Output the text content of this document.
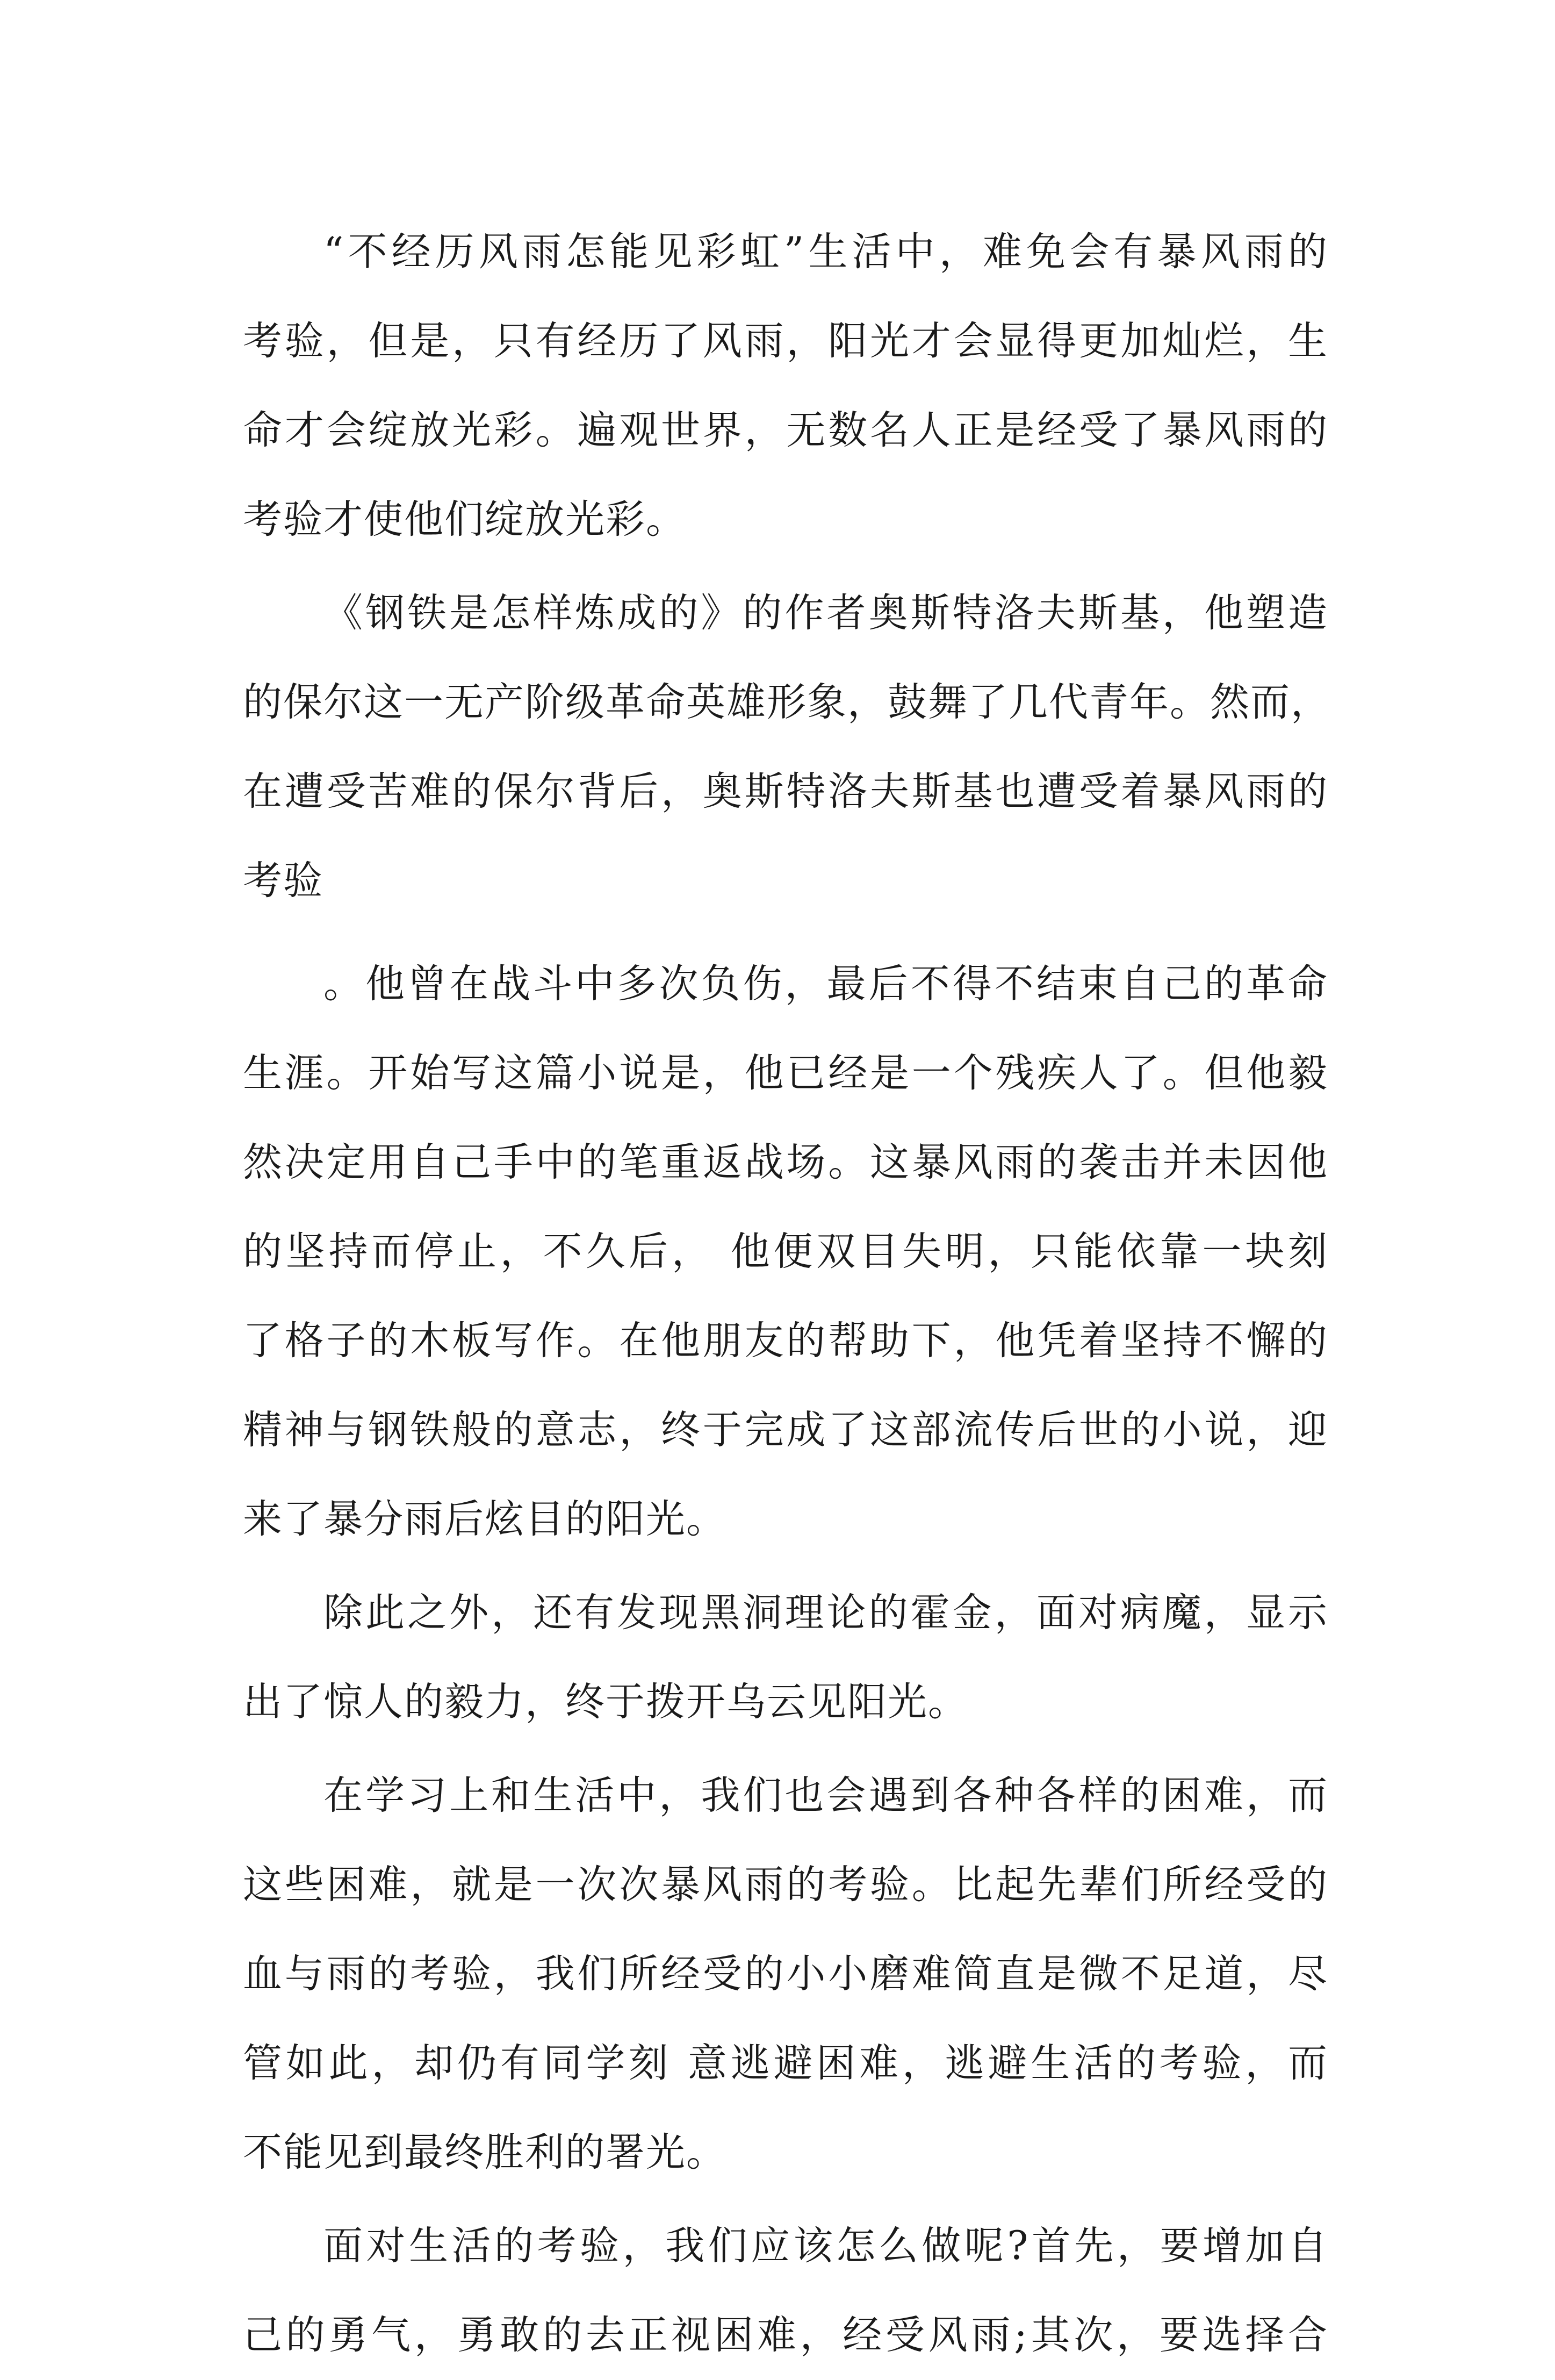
“不经历风雨怎能见彩虹”生活中，难免会有暴风雨的
考验，但是，只有经历了风雨，阳光才会显得更加灿烂，生
命才会绽放光彩。遍观世界，无数名人正是经受了暴风雨的
考验才使他们绽放光彩。
《钢铁是怎样炼成的》的作者奥斯特洛夫斯基，他塑造
的保尔这一无产阶级革命英雄形象，鼓舞了几代青年。然而，
在遭受苦难的保尔背后，奥斯特洛夫斯基也遭受着暴风雨的
考验
。他曾在战斗中多次负伤，最后不得不结束自己的革命
生涯。开始写这篇小说是，他已经是一个残疾人了。但他毅
然决定用自己手中的笔重返战场。这暴风雨的袭击并未因他
的坚持而停止，不久后， 他便双目失明，只能依靠一块刻
了格子的木板写作。在他朋友的帮助下，他凭着坚持不懈的
精神与钢铁般的意志，终于完成了这部流传后世的小说，迎
来了暴分雨后炫目的阳光。
除此之外，还有发现黑洞理论的霍金，面对病魔，显示
出了惊人的毅力，终于拨开乌云见阳光。
在学习上和生活中，我们也会遇到各种各样的困难，而
这些困难，就是一次次暴风雨的考验。比起先辈们所经受的
血与雨的考验，我们所经受的小小磨难简直是微不足道，尽
管如此，却仍有同学刻 意逃避困难，逃避生活的考验，而
不能见到最终胜利的署光。
面对生活的考验，我们应该怎么做呢?首先，要增加自
己的勇气，勇敢的去正视困难，经受风雨;其次，要选择合
